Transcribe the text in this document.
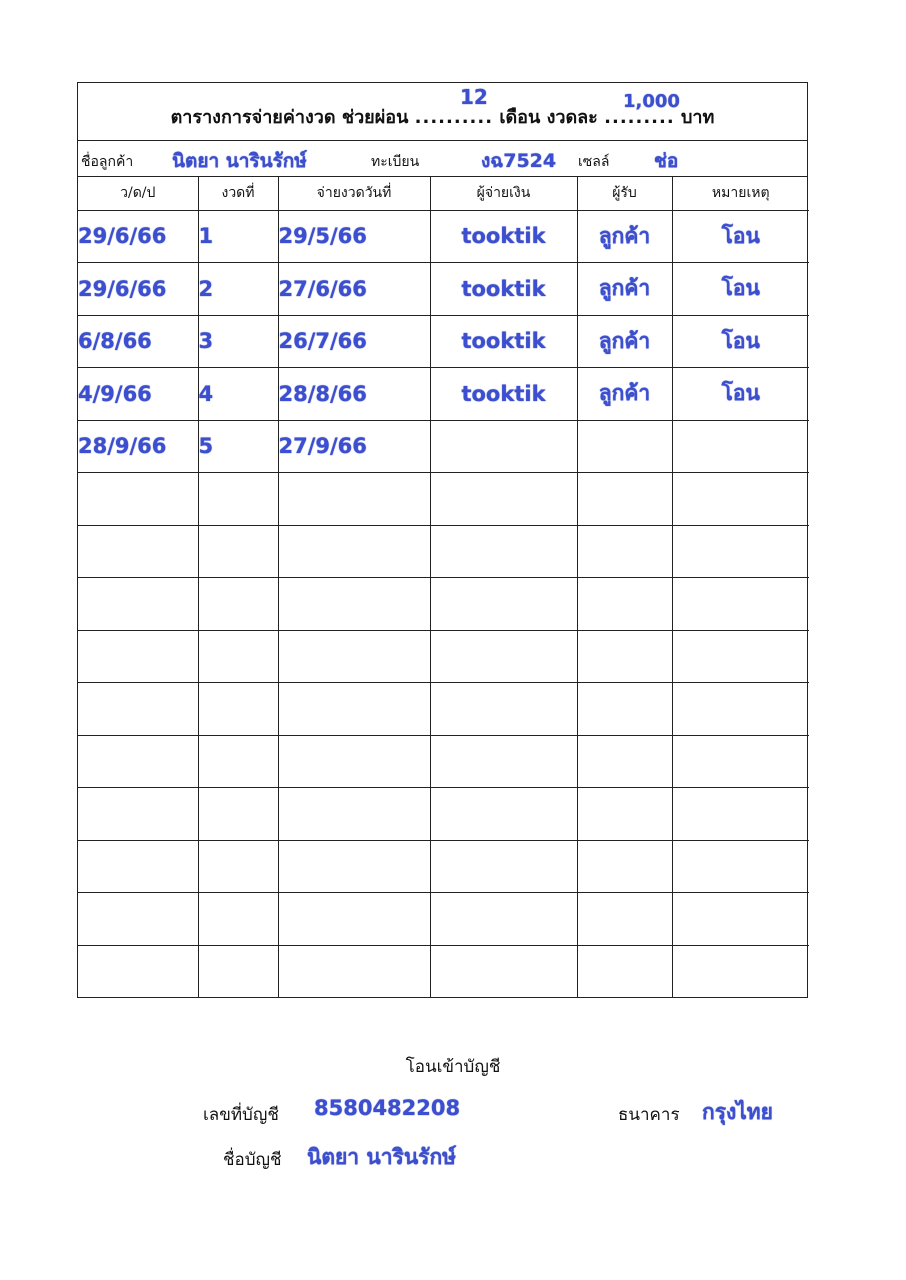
ตารางการจ่ายค่างวด ช่วยผ่อน .......... เดือน งวดละ ......... บาท
12	1,000
ชื่อลูกค้า นิตยา นารินรักษ์	ทะเบียน	งฉ7524 เซลล์ ช่อ
ว/ด/ป	งวดที่	จ่ายงวดวันที่	ผู้จ่ายเงิน	ผู้รับ	หมายเหตุ
29/6/66	1	29/5/66	tooktik	ลูกค้า	โอน
29/6/66	2	27/6/66	tooktik	ลูกค้า	โอน
6/8/66	3	26/7/66	tooktik	ลูกค้า	โอน
4/9/66	4	28/8/66	tooktik	ลูกค้า	โอน
28/9/66	5	27/9/66			

โอนเข้าบัญชี
เลขที่บัญชี 8580482208	ธนาคาร กรุงไทย
ชื่อบัญชี นิตยา นารินรักษ์
